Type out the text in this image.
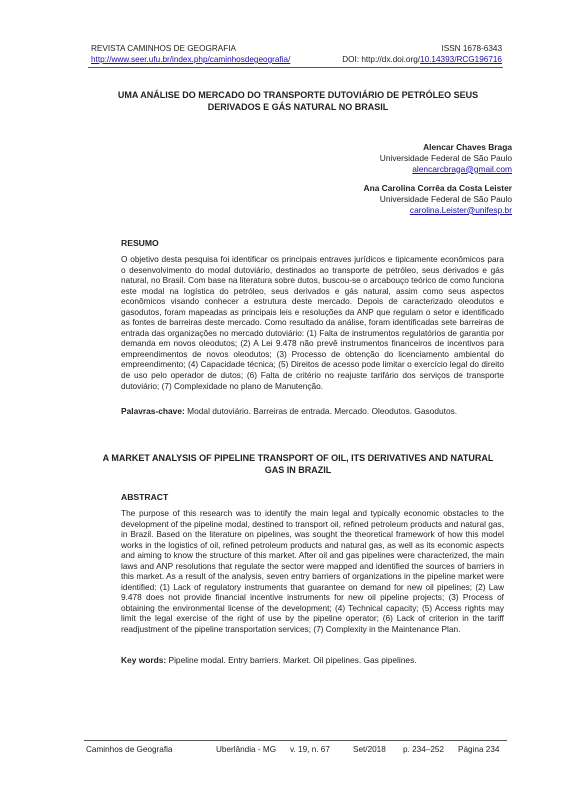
REVISTA CAMINHOS DE GEOGRAFIA	ISSN 1678-6343
http://www.seer.ufu.br/index.php/caminhosdegeografia/	DOI: http://dx.doi.org/10.14393/RCG196716
UMA ANÁLISE DO MERCADO DO TRANSPORTE DUTOVIÁRIO DE PETRÓLEO SEUS DERIVADOS E GÁS NATURAL NO BRASIL
Alencar Chaves Braga
Universidade Federal de São Paulo
alencarcbraga@gmail.com
Ana Carolina Corrêa da Costa Leister
Universidade Federal de São Paulo
carolina.Leister@unifesp.br
RESUMO
O objetivo desta pesquisa foi identificar os principais entraves jurídicos e tipicamente econômicos para o desenvolvimento do modal dutoviário, destinados ao transporte de petróleo, seus derivados e gás natural, no Brasil. Com base na literatura sobre dutos, buscou-se o arcabouço teórico de como funciona este modal na logística do petróleo, seus derivados e gás natural, assim como seus aspectos econômicos visando conhecer a estrutura deste mercado. Depois de caracterizado oleodutos e gasodutos, foram mapeadas as principais leis e resoluções da ANP que regulam o setor e identificado as fontes de barreiras deste mercado. Como resultado da análise, foram identificadas sete barreiras de entrada das organizações no mercado dutoviário: (1) Falta de instrumentos regulatórios de garantia por demanda em novos oleodutos; (2) A Lei 9.478 não prevê instrumentos financeiros de incentivos para empreendimentos de novos oleodutos; (3) Processo de obtenção do licenciamento ambiental do empreendimento; (4) Capacidade técnica; (5) Direitos de acesso pode limitar o exercício legal do direito de uso pelo operador de dutos; (6) Falta de critério no reajuste tarifário dos serviços de transporte dutoviário; (7) Complexidade no plano de Manutenção.
Palavras-chave: Modal dutoviário. Barreiras de entrada. Mercado. Oleodutos. Gasodutos.
A MARKET ANALYSIS OF PIPELINE TRANSPORT OF OIL, ITS DERIVATIVES AND NATURAL GAS IN BRAZIL
ABSTRACT
The purpose of this research was to identify the main legal and typically economic obstacles to the development of the pipeline modal, destined to transport oil, refined petroleum products and natural gas, in Brazil. Based on the literature on pipelines, was sought the theoretical framework of how this model works in the logistics of oil, refined petroleum products and natural gas, as well as its economic aspects and aiming to know the structure of this market. After oil and gas pipelines were characterized, the main laws and ANP resolutions that regulate the sector were mapped and identified the sources of barriers in this market. As a result of the analysis, seven entry barriers of organizations in the pipeline market were identified: (1) Lack of regulatory instruments that guarantee on demand for new oil pipelines; (2) Law 9.478 does not provide financial incentive instruments for new oil pipeline projects; (3) Process of obtaining the environmental license of the development; (4) Technical capacity; (5) Access rights may limit the legal exercise of the right of use by the pipeline operator; (6) Lack of criterion in the tariff readjustment of the pipeline transportation services; (7) Complexity in the Maintenance Plan.
Key words: Pipeline modal. Entry barriers. Market. Oil pipelines. Gas pipelines.
Caminhos de Geografia	Uberlândia - MG v. 19, n. 67	Set/2018 p. 234–252 Página 234
